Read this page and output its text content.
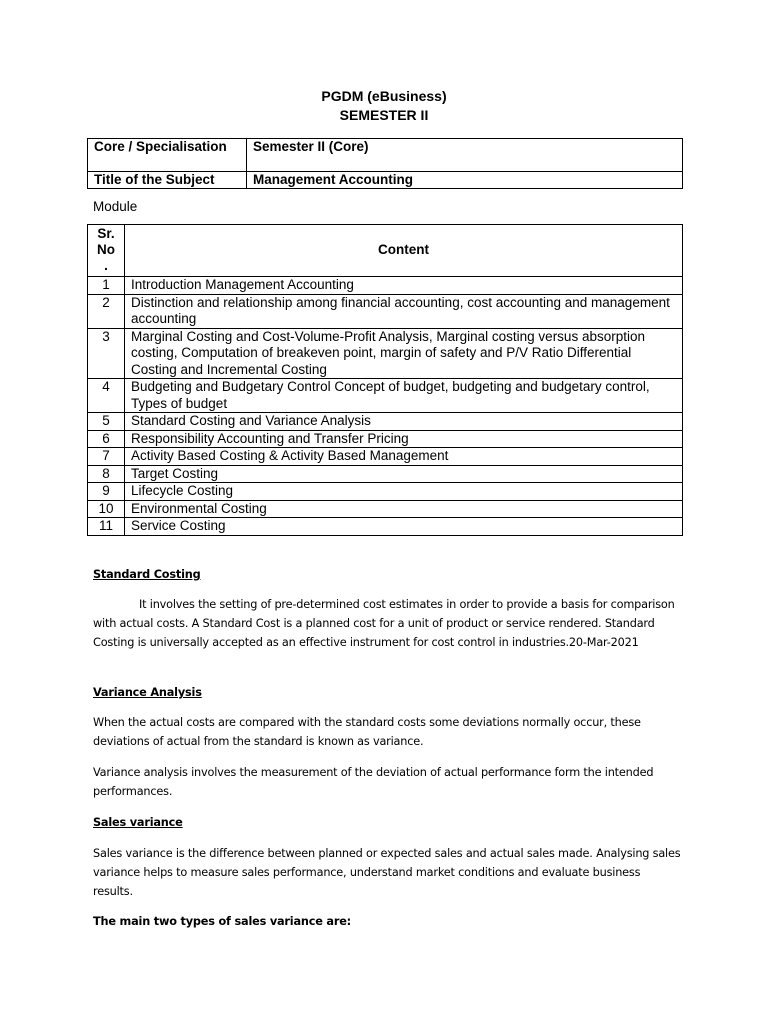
PGDM (eBusiness)
SEMESTER II
Core / Specialisation	Semester II (Core)
Title of the Subject	Management Accounting
Module
Sr. No .	Content
1	Introduction Management Accounting
2	Distinction and relationship among financial accounting, cost accounting and management accounting
3	Marginal Costing and Cost-Volume-Profit Analysis, Marginal costing versus absorption costing, Computation of breakeven point, margin of safety and P/V Ratio Differential Costing and Incremental Costing
4	Budgeting and Budgetary Control Concept of budget, budgeting and budgetary control, Types of budget
5	Standard Costing and Variance Analysis
6	Responsibility Accounting and Transfer Pricing
7	Activity Based Costing & Activity Based Management
8	Target Costing
9	Lifecycle Costing
10	Environmental Costing
11	Service Costing
Standard Costing
It involves the setting of pre-determined cost estimates in order to provide a basis for comparison with actual costs. A Standard Cost is a planned cost for a unit of product or service rendered. Standard Costing is universally accepted as an effective instrument for cost control in industries.20-Mar-2021
Variance Analysis
When the actual costs are compared with the standard costs some deviations normally occur, these deviations of actual from the standard is known as variance.
Variance analysis involves the measurement of the deviation of actual performance form the intended performances.
Sales variance
Sales variance is the difference between planned or expected sales and actual sales made. Analysing sales variance helps to measure sales performance, understand market conditions and evaluate business results.
The main two types of sales variance are:
